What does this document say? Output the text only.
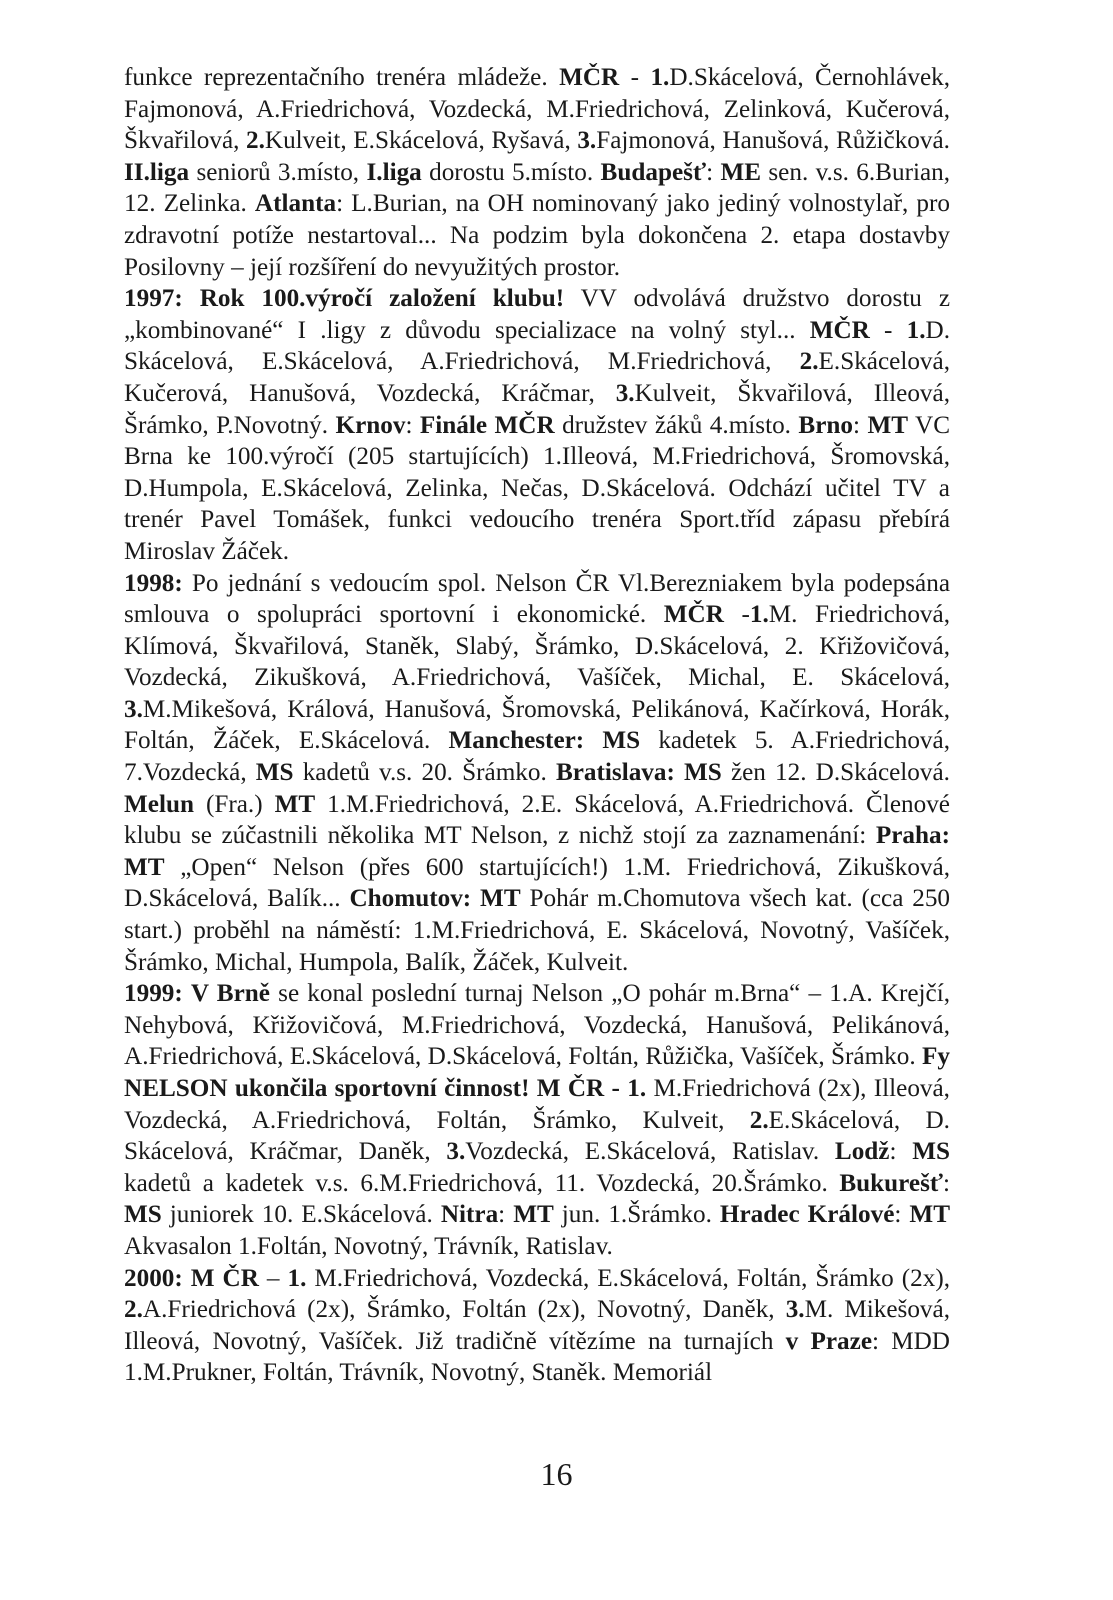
funkce reprezentačního trenéra mládeže. MČR - 1.D.Skácelová, Černohlávek, Fajmonová, A.Friedrichová, Vozdecká, M.Friedrichová, Zelinková, Kučerová, Škvařilová, 2.Kulveit, E.Skácelová, Ryšavá, 3.Fajmonová, Hanušová, Růžičková. II.liga seniorů 3.místo, I.liga dorostu 5.místo. Budapešť: ME sen. v.s. 6.Burian, 12. Zelinka. Atlanta: L.Burian, na OH nominovaný jako jediný volnostylař, pro zdravotní potíže nestartoval... Na podzim byla dokončena 2. etapa dostavby Posilovny – její rozšíření do nevyužitých prostor.

1997: Rok 100.výročí založení klubu! VV odvolává družstvo dorostu z „kombinované“ I .ligy z důvodu specializace na volný styl... MČR - 1.D. Skácelová, E.Skácelová, A.Friedrichová, M.Friedrichová, 2.E.Skácelová, Kučerová, Hanušová, Vozdecká, Kráčmar, 3.Kulveit, Škvařilová, Illeová, Šrámko, P.Novotný. Krnov: Finále MČR družstev žáků 4.místo. Brno: MT VC Brna ke 100.výročí (205 startujících) 1.Illeová, M.Friedrichová, Šromovská, D.Humpola, E.Skácelová, Zelinka, Nečas, D.Skácelová. Odchází učitel TV a trenér Pavel Tomášek, funkci vedoucího trenéra Sport.tříd zápasu přebírá Miroslav Žáček.

1998: Po jednání s vedoucím spol. Nelson ČR Vl.Berezniakem byla podepsána smlouva o spolupráci sportovní i ekonomické. MČR -1.M. Friedrichová, Klímová, Škvařilová, Staněk, Slabý, Šrámko, D.Skácelová, 2. Křižovičová, Vozdecká, Zikušková, A.Friedrichová, Vašíček, Michal, E. Skácelová, 3.M.Mikešová, Králová, Hanušová, Šromovská, Pelikánová, Kačírková, Horák, Foltán, Žáček, E.Skácelová. Manchester: MS kadetek 5. A.Friedrichová, 7.Vozdecká, MS kadetů v.s. 20. Šrámko. Bratislava: MS žen 12. D.Skácelová. Melun (Fra.) MT 1.M.Friedrichová, 2.E. Skácelová, A.Friedrichová. Členové klubu se zúčastnili několika MT Nelson, z nichž stojí za zaznamenání: Praha: MT „Open“ Nelson (přes 600 startujících!) 1.M. Friedrichová, Zikušková, D.Skácelová, Balík... Chomutov: MT Pohár m.Chomutova všech kat. (cca 250 start.) proběhl na náměstí: 1.M.Friedrichová, E. Skácelová, Novotný, Vašíček, Šrámko, Michal, Humpola, Balík, Žáček, Kulveit.

1999: V Brně se konal poslední turnaj Nelson „O pohár m.Brna“ – 1.A. Krejčí, Nehybová, Křižovičová, M.Friedrichová, Vozdecká, Hanušová, Pelikánová, A.Friedrichová, E.Skácelová, D.Skácelová, Foltán, Růžička, Vašíček, Šrámko. Fy NELSON ukončila sportovní činnost! M ČR - 1. M.Friedrichová (2x), Illeová, Vozdecká, A.Friedrichová, Foltán, Šrámko, Kulveit, 2.E.Skácelová, D. Skácelová, Kráčmar, Daněk, 3.Vozdecká, E.Skácelová, Ratislav. Lodž: MS kadetů a kadetek v.s. 6.M.Friedrichová, 11. Vozdecká, 20.Šrámko. Bukurešť: MS juniorek 10. E.Skácelová. Nitra: MT jun. 1.Šrámko. Hradec Králové: MT Akvasalon 1.Foltán, Novotný, Trávník, Ratislav.

2000: M ČR – 1. M.Friedrichová, Vozdecká, E.Skácelová, Foltán, Šrámko (2x), 2.A.Friedrichová (2x), Šrámko, Foltán (2x), Novotný, Daněk, 3.M. Mikešová, Illeová, Novotný, Vašíček. Již tradičně vítězíme na turnajích v Praze: MDD 1.M.Prukner, Foltán, Trávník, Novotný, Staněk. Memoriál

16
